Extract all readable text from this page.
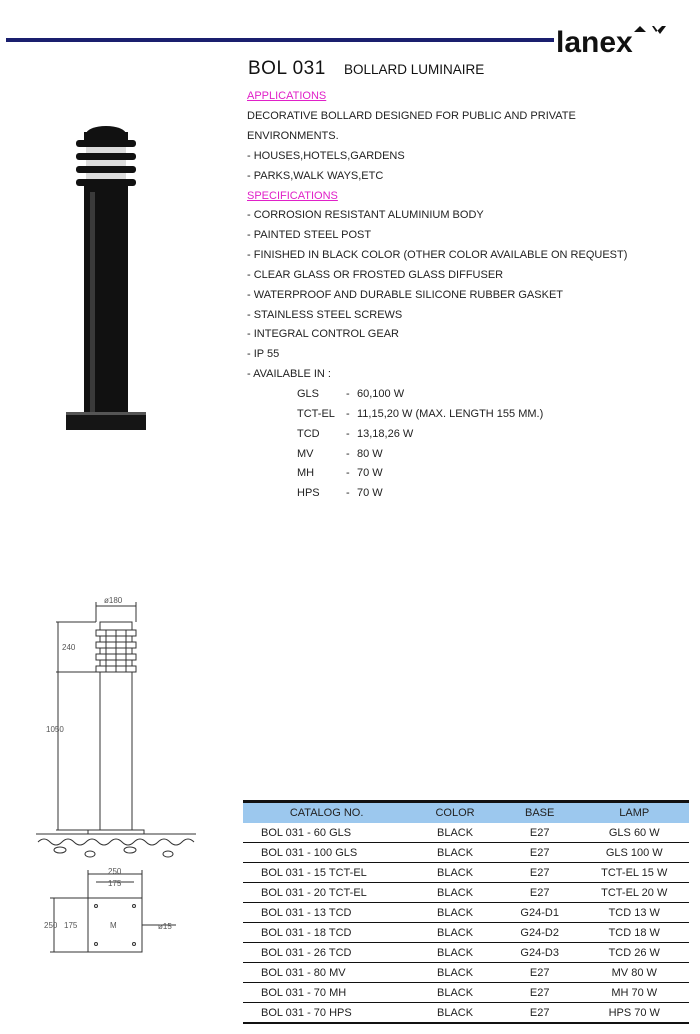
lanex
BOL 031 BOLLARD LUMINAIRE
APPLICATIONS
DECORATIVE BOLLARD DESIGNED FOR PUBLIC AND PRIVATE
ENVIRONMENTS.
- HOUSES,HOTELS,GARDENS
- PARKS,WALK WAYS,ETC
SPECIFICATIONS
- CORROSION RESISTANT ALUMINIUM BODY
- PAINTED STEEL POST
- FINISHED IN BLACK COLOR (OTHER COLOR AVAILABLE ON REQUEST)
- CLEAR GLASS OR FROSTED GLASS DIFFUSER
- WATERPROOF AND DURABLE SILICONE RUBBER GASKET
- STAINLESS STEEL SCREWS
- INTEGRAL CONTROL GEAR
- IP 55
- AVAILABLE IN :
GLS - 60,100 W
TCT-EL - 11,15,20 W (MAX. LENGTH 155 MM.)
TCD - 13,18,26 W
MV	- 80 W
MH	- 70 W
HPS - 70 W
ø180
240
1050
250
175
250 175	M	ø15
CATALOG NO.	COLOR	BASE	LAMP
BOL 031 - 60 GLS	BLACK	E27	GLS 60 W
BOL 031 - 100 GLS	BLACK	E27	GLS 100 W
BOL 031 - 15 TCT-EL	BLACK	E27	TCT-EL 15 W
BOL 031 - 20 TCT-EL	BLACK	E27	TCT-EL 20 W
BOL 031 - 13 TCD	BLACK	G24-D1	TCD 13 W
BOL 031 - 18 TCD	BLACK	G24-D2	TCD 18 W
BOL 031 - 26 TCD	BLACK	G24-D3	TCD 26 W
BOL 031 - 80 MV	BLACK	E27	MV 80 W
BOL 031 - 70 MH	BLACK	E27	MH 70 W
BOL 031 - 70 HPS	BLACK	E27	HPS 70 W
